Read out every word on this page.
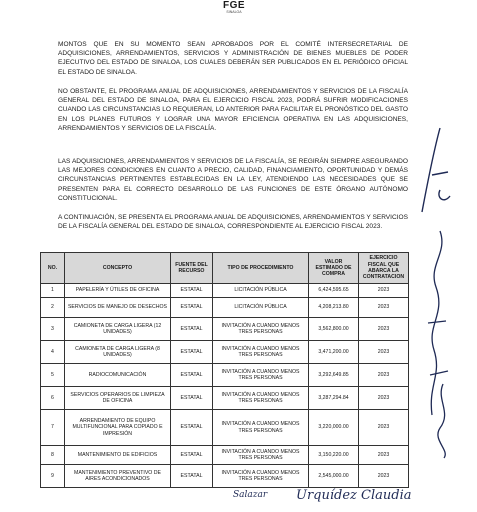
FGE
SINALOA

MONTOS QUE EN SU MOMENTO SEAN APROBADOS POR EL COMITÉ INTERSECRETARIAL DE ADQUISICIONES, ARRENDAMIENTOS, SERVICIOS Y ADMINISTRACIÓN DE BIENES MUEBLES DE PODER EJECUTIVO DEL ESTADO DE SINALOA, LOS CUALES DEBERÁN SER PUBLICADOS EN EL PERIÓDICO OFICIAL EL ESTADO DE SINALOA.

NO OBSTANTE, EL PROGRAMA ANUAL DE ADQUISICIONES, ARRENDAMIENTOS Y SERVICIOS DE LA FISCALÍA GENERAL DEL ESTADO DE SINALOA, PARA EL EJERCICIO FISCAL 2023, PODRÁ SUFRIR MODIFICACIONES CUANDO LAS CIRCUNSTANCIAS LO REQUIERAN, LO ANTERIOR PARA FACILITAR EL PRONÓSTICO DEL GASTO EN LOS PLANES FUTUROS Y LOGRAR UNA MAYOR EFICIENCIA OPERATIVA EN LAS ADQUISICIONES, ARRENDAMIENTOS Y SERVICIOS DE LA FISCALÍA.

LAS ADQUISICIONES, ARRENDAMIENTOS Y SERVICIOS DE LA FISCALÍA, SE REGIRÁN SIEMPRE ASEGURANDO LAS MEJORES CONDICIONES EN CUANTO A PRECIO, CALIDAD, FINANCIAMIENTO, OPORTUNIDAD Y DEMÁS CIRCUNSTANCIAS PERTINENTES ESTABLECIDAS EN LA LEY, ATENDIENDO LAS NECESIDADES QUE SE PRESENTEN PARA EL CORRECTO DESARROLLO DE LAS FUNCIONES DE ESTE ÓRGANO AUTÓNOMO CONSTITUCIONAL.

A CONTINUACIÓN, SE PRESENTA EL PROGRAMA ANUAL DE ADQUISICIONES, ARRENDAMIENTOS Y SERVICIOS DE LA FISCALÍA GENERAL DEL ESTADO DE SINALOA, CORRESPONDIENTE AL EJERCICIO FISCAL 2023.

NO.	CONCEPTO	FUENTE DEL RECURSO	TIPO DE PROCEDIMIENTO	VALOR ESTIMADO DE COMPRA	EJERCICIO FISCAL QUE ABARCA LA CONTRATACION
1	PAPELERÍA Y ÚTILES DE OFICINA	ESTATAL	LICITACIÓN PÚBLICA	6,424,595.65	2023
2	SERVICIOS DE MANEJO DE DESECHOS	ESTATAL	LICITACIÓN PÚBLICA	4,208,213.80	2023
3	CAMIONETA DE CARGA LIGERA (12 UNIDADES)	ESTATAL	INVITACIÓN A CUANDO MENOS TRES PERSONAS	3,562,800.00	2023
4	CAMIONETA DE CARGA LIGERA (8 UNIDADES)	ESTATAL	INVITACIÓN A CUANDO MENOS TRES PERSONAS	3,471,200.00	2023
5	RADIOCOMUNICACIÓN	ESTATAL	INVITACIÓN A CUANDO MENOS TRES PERSONAS	3,292,649.85	2023
6	SERVICIOS OPERARIOS DE LIMPIEZA DE OFICINA	ESTATAL	INVITACIÓN A CUANDO MENOS TRES PERSONAS	3,287,294.84	2023
7	ARRENDAMIENTO DE EQUIPO MULTIFUNCIONAL PARA COPIADO E IMPRESIÓN	ESTATAL	INVITACIÓN A CUANDO MENOS TRES PERSONAS	3,220,000.00	2023
8	MANTENIMIENTO DE EDIFICIOS	ESTATAL	INVITACIÓN A CUANDO MENOS TRES PERSONAS	3,150,220.00	2023
9	MANTENIMIENTO PREVENTIVO DE AIRES ACONDICIONADOS	ESTATAL	INVITACIÓN A CUANDO MENOS TRES PERSONAS	2,545,000.00	2023
Salazar Urquídez Claudia
